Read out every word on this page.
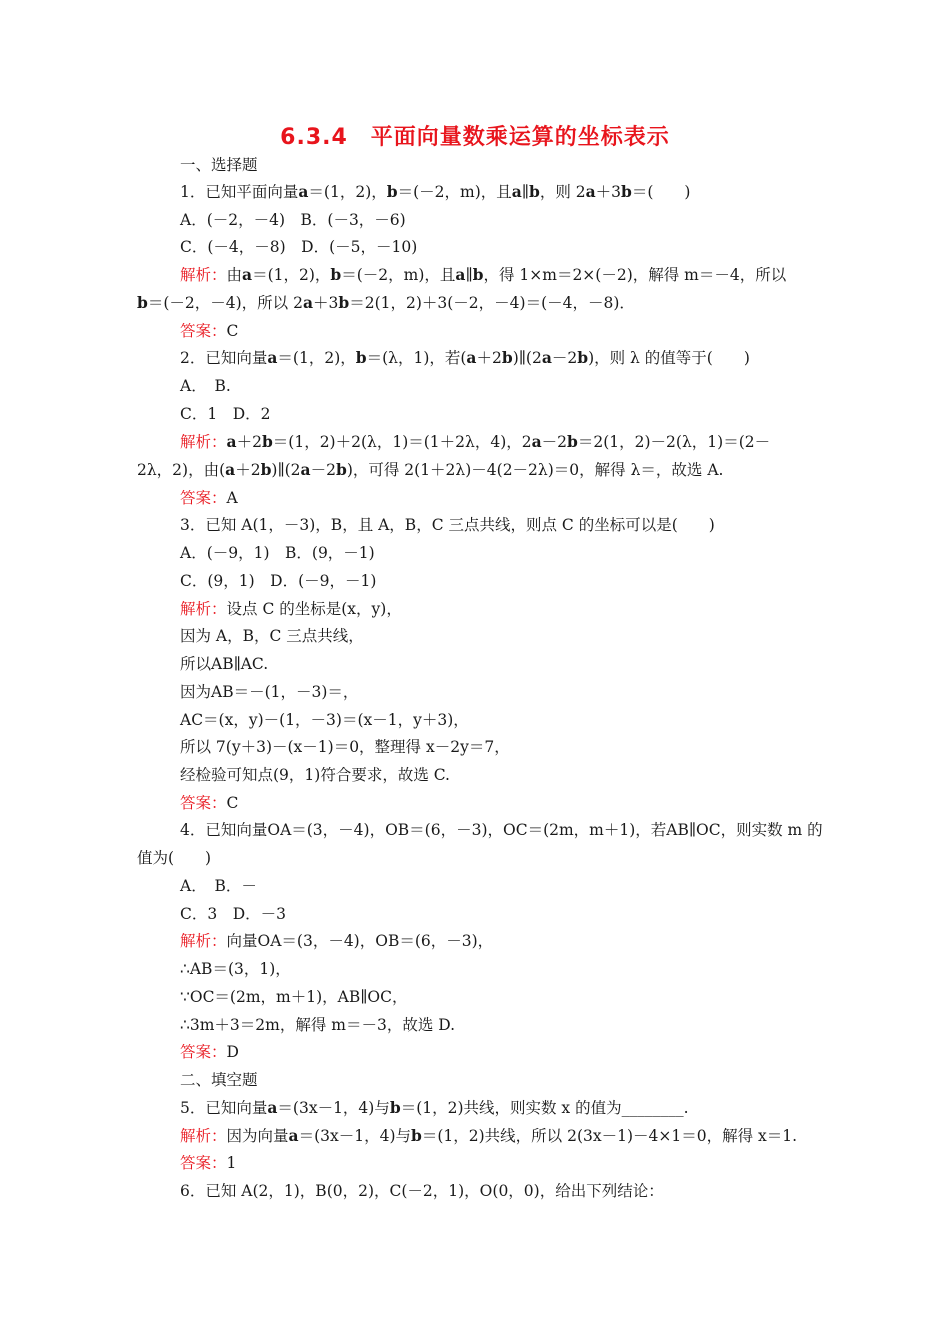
6.3.4　平面向量数乘运算的坐标表示
一、选择题
1．已知平面向量a＝(1，2)，b＝(－2，m)，且a∥b，则 2a＋3b＝(　　)
A．(－2，－4)　B．(－3，－6)
C．(－4，－8)　D．(－5，－10)
解析：由a＝(1，2)，b＝(－2，m)，且a∥b，得 1×m＝2×(－2)，解得 m＝－4，所以
b＝(－2，－4)，所以 2a＋3b＝2(1，2)＋3(－2，－4)＝(－4，－8)．
答案：C
2．已知向量a＝(1，2)，b＝(λ，1)，若(a＋2b)∥(2a－2b)，则 λ 的值等于(　　)
A．　B.
C．1　D．2
解析：a＋2b＝(1，2)＋2(λ，1)＝(1＋2λ，4)，2a－2b＝2(1，2)－2(λ，1)＝(2－
2λ，2)，由(a＋2b)∥(2a－2b)，可得 2(1＋2λ)－4(2－2λ)＝0，解得 λ＝，故选 A.
答案：A
3．已知 A(1，－3)，B，且 A，B，C 三点共线，则点 C 的坐标可以是(　　)
A．(－9，1)　B．(9，－1)
C．(9，1)　D．(－9，－1)
解析：设点 C 的坐标是(x，y)，
因为 A，B，C 三点共线，
所以AB∥AC.
因为AB＝－(1，－3)＝，
AC＝(x，y)－(1，－3)＝(x－1，y＋3)，
所以 7(y＋3)－(x－1)＝0，整理得 x－2y＝7，
经检验可知点(9，1)符合要求，故选 C.
答案：C
4．已知向量OA＝(3，－4)，OB＝(6，－3)，OC＝(2m，m＋1)，若AB∥OC，则实数 m 的
值为(　　)
A．　B．－
C．3　D．－3
解析：向量OA＝(3，－4)，OB＝(6，－3)，
∴AB＝(3，1)，
∵OC＝(2m，m＋1)，AB∥OC，
∴3m＋3＝2m，解得 m＝－3，故选 D.
答案：D
二、填空题
5．已知向量a＝(3x－1，4)与b＝(1，2)共线，则实数 x 的值为________.
解析：因为向量a＝(3x－1，4)与b＝(1，2)共线，所以 2(3x－1)－4×1＝0，解得 x＝1.
答案：1
6．已知 A(2，1)，B(0，2)，C(－2，1)，O(0，0)，给出下列结论：
